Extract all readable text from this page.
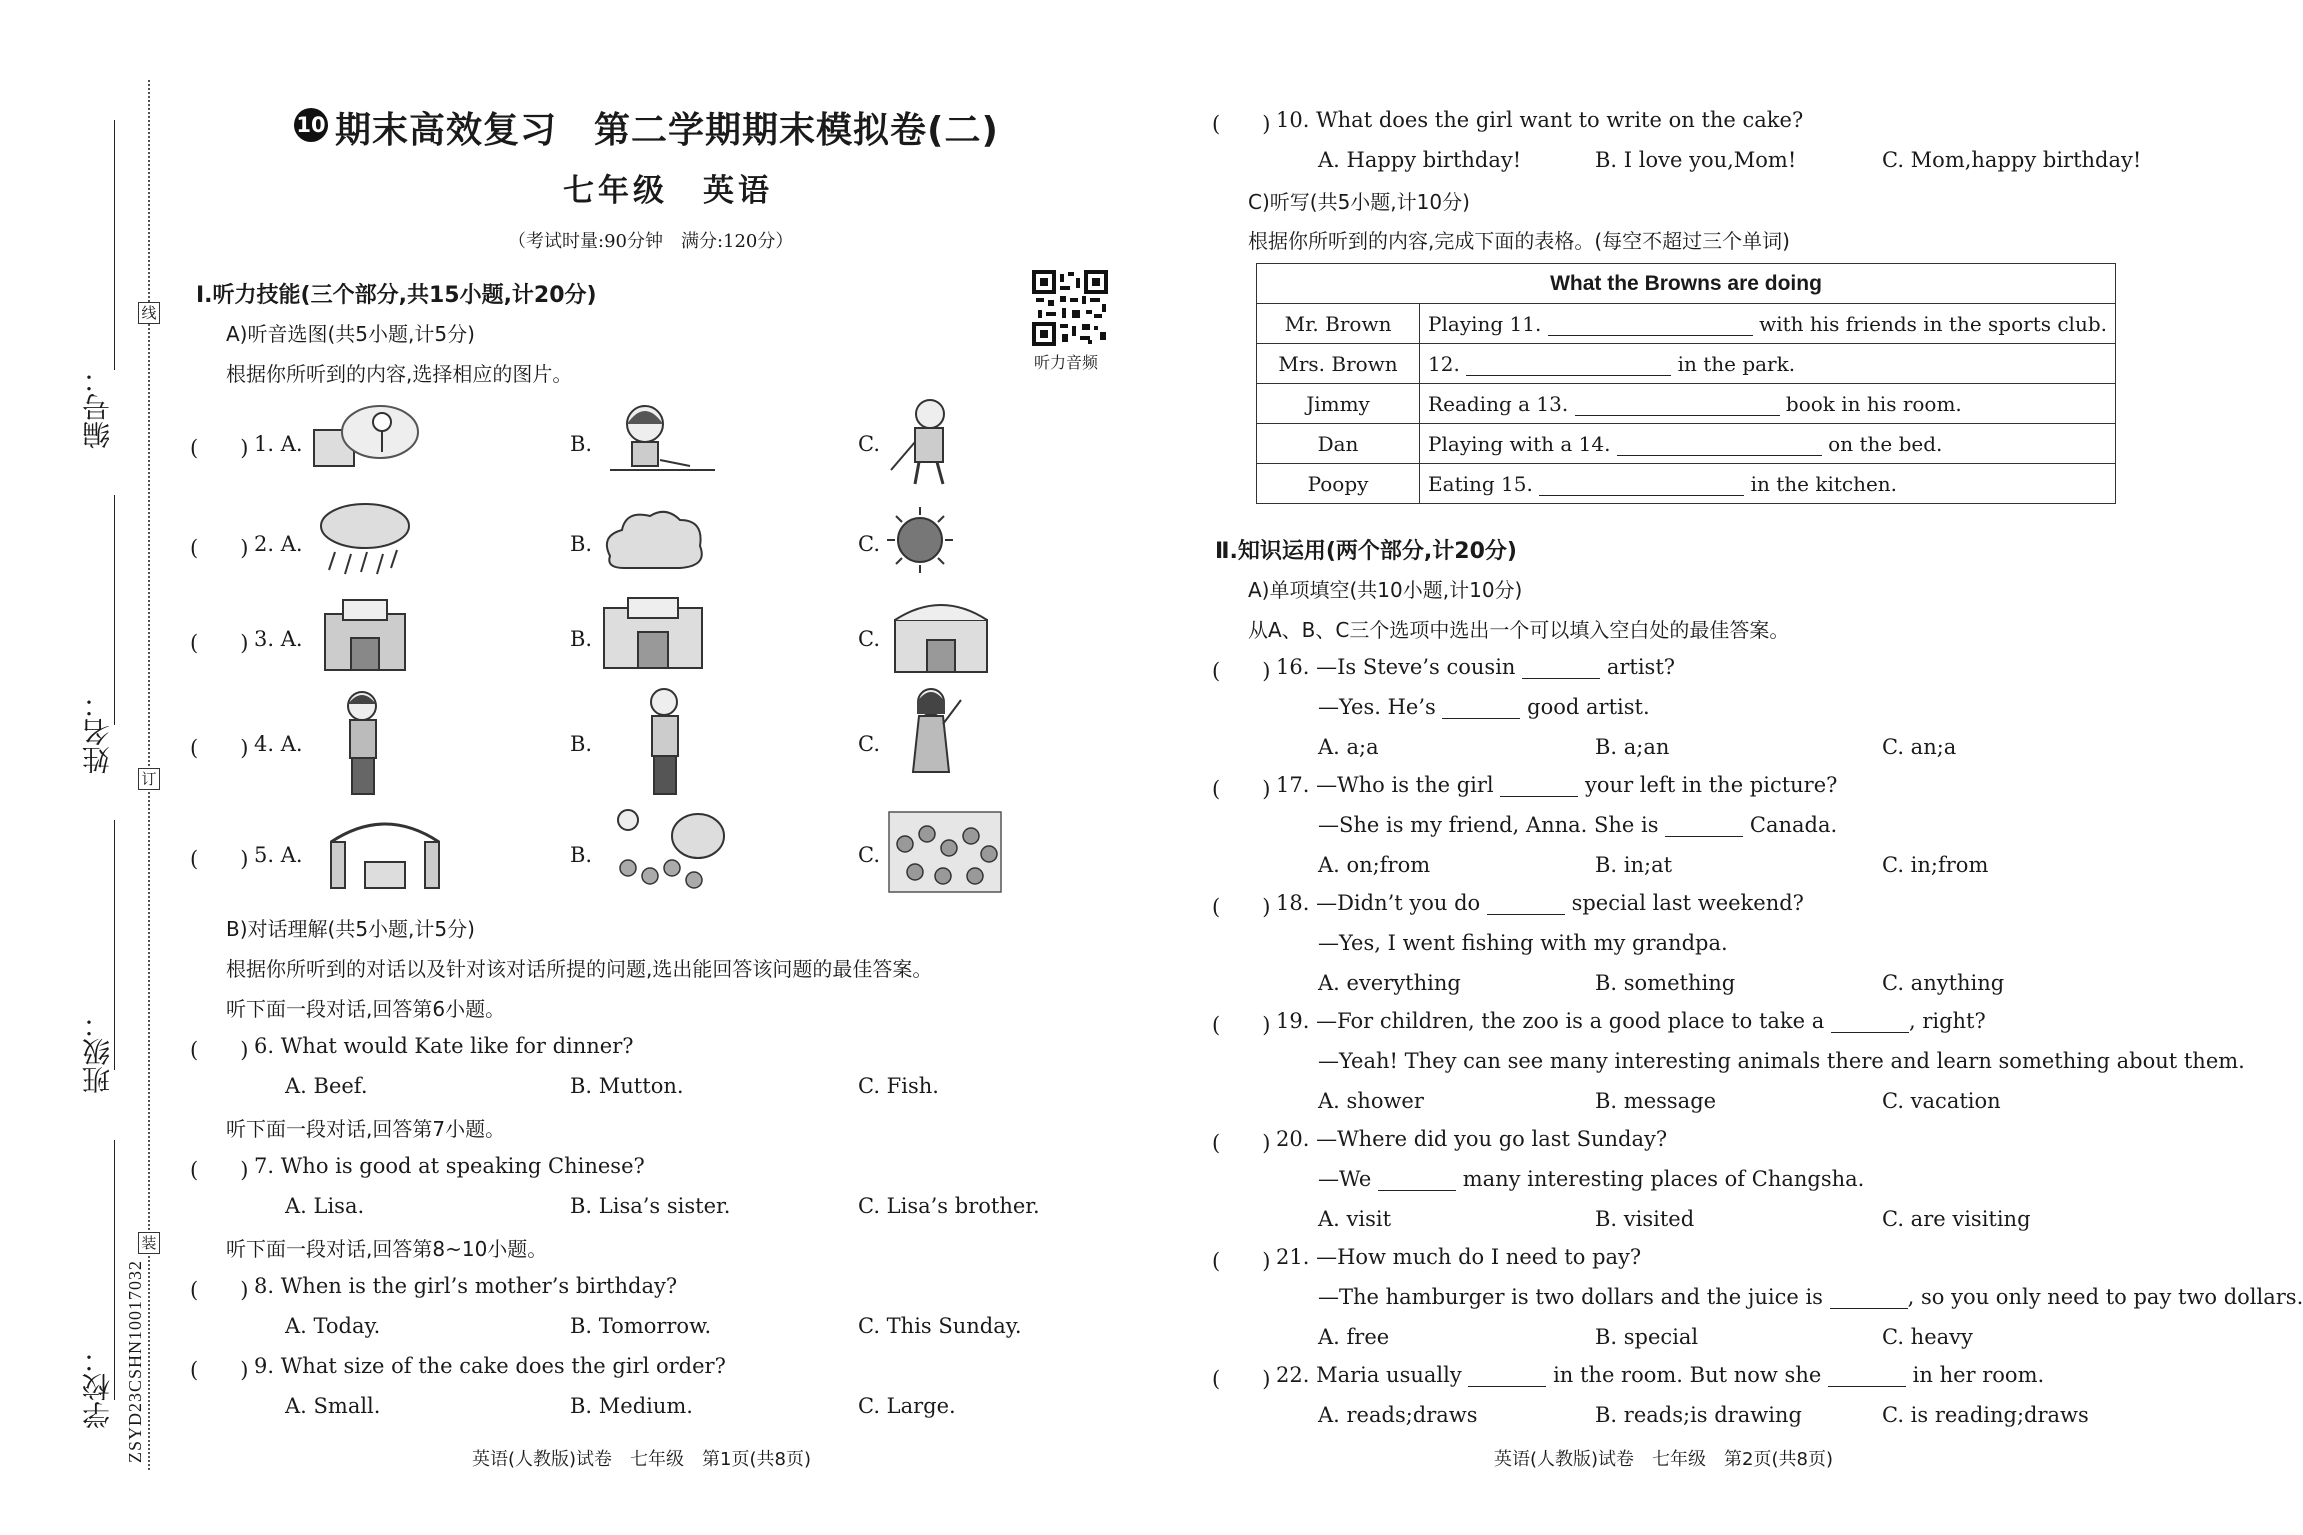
线
订
装
编号：
姓名：
班级：
学校： ZSYD23CSHN10017032
10 期末高效复习　第二学期期末模拟卷(二)
七年级　英语
（考试时量:90分钟　满分:120分）
听力音频
Ⅰ.听力技能(三个部分,共15小题,计20分)
A)听音选图(共5小题,计5分)
根据你所听到的内容,选择相应的图片。
(　　) 1. A.	B.	C.
(　　) 2. A.	B.	C.
(　　) 3. A.	B.	C.
(　　) 4. A.	B.	C.
(　　) 5. A.	B.	C.
B)对话理解(共5小题,计5分)
根据你所听到的对话以及针对该对话所提的问题,选出能回答该问题的最佳答案。
听下面一段对话,回答第6小题。
(　　) 6. What would Kate like for dinner?
A. Beef.	B. Mutton.	C. Fish.
听下面一段对话,回答第7小题。
(　　) 7. Who is good at speaking Chinese?
A. Lisa.	B. Lisa’s sister.	C. Lisa’s brother.
听下面一段对话,回答第8~10小题。
(　　) 8. When is the girl’s mother’s birthday?
A. Today.	B. Tomorrow.	C. This Sunday.
(　　) 9. What size of the cake does the girl order?
A. Small.	B. Medium.	C. Large.
英语(人教版)试卷　七年级　第1页(共8页)
(　　) 10. What does the girl want to write on the cake?
A. Happy birthday!	B. I love you,Mom!	C. Mom,happy birthday!
C)听写(共5小题,计10分)
根据你所听到的内容,完成下面的表格。(每空不超过三个单词)
What the Browns are doing	
Mr. Brown	Playing 11. with his friends in the sports club.
Mrs. Brown	12. in the park.
Jimmy	Reading a 13. book in his room.
Dan	Playing with a 14. on the bed.
Poopy	Eating 15. in the kitchen.
Ⅱ.知识运用(两个部分,计20分)
A)单项填空(共10小题,计10分)
从A、B、C三个选项中选出一个可以填入空白处的最佳答案。
(　　) 16. —Is Steve’s cousin	artist?
—Yes. He’s	good artist.
A. a;a	B. a;an	C. an;a
(　　) 17. —Who is the girl	your left in the picture?
—She is my friend, Anna. She is	Canada.
A. on;from	B. in;at	C. in;from
(　　) 18. —Didn’t you do	special last weekend?
—Yes, I went fishing with my grandpa.
A. everything	B. something	C. anything
(　　) 19. —For children, the zoo is a good place to take a	, right?
—Yeah! They can see many interesting animals there and learn something about them.
A. shower	B. message	C. vacation
(　　) 20. —Where did you go last Sunday?
—We	many interesting places of Changsha.
A. visit	B. visited	C. are visiting
(　　) 21. —How much do I need to pay?
—The hamburger is two dollars and the juice is	, so you only need to pay two dollars.
A. free	B. special	C. heavy
(　　) 22. Maria usually	in the room. But now she	in her room.
A. reads;draws	B. reads;is drawing	C. is reading;draws
英语(人教版)试卷　七年级　第2页(共8页)
